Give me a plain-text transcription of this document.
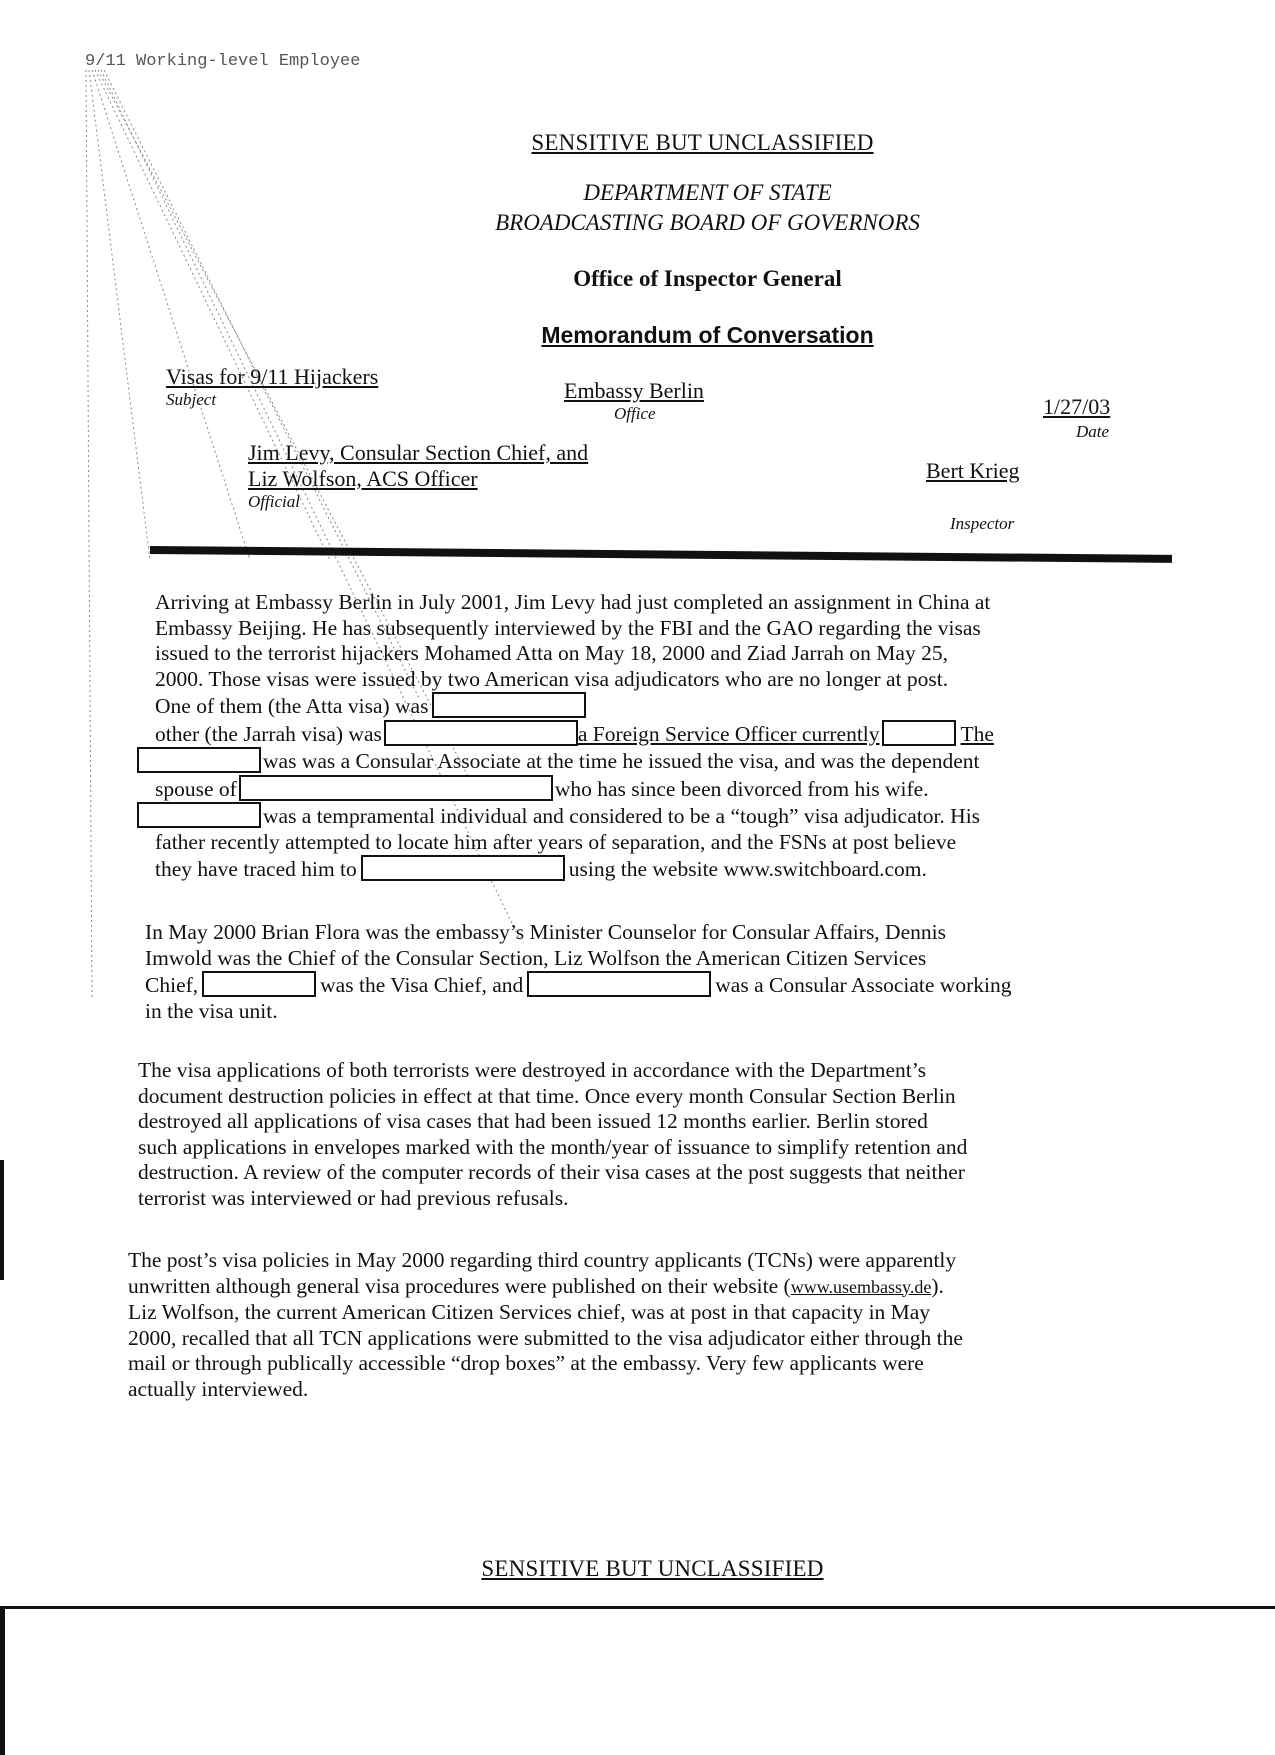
9/11 Working-level Employee
SENSITIVE BUT UNCLASSIFIED
DEPARTMENT OF STATE
BROADCASTING BOARD OF GOVERNORS
Office of Inspector General
Memorandum of Conversation
Visas for 9/11 Hijackers
Subject	Embassy Berlin
Office	1/27/03
Date
Jim Levy, Consular Section Chief, and
Liz Wolfson, ACS Officer
Official
Bert Krieg
Inspector

Arriving at Embassy Berlin in July 2001, Jim Levy had just completed an assignment in China at

Embassy Beijing. He has subsequently interviewed by the FBI and the GAO regarding the visas

issued to the terrorist hijackers Mohamed Atta on May 18, 2000 and Ziad Jarrah on May 25,

2000. Those visas were issued by two American visa adjudicators who are no longer at post.

One of them (the Atta visa) was

other (the Jarrah visa) was	a Foreign Service Officer currently	The

was was a Consular Associate at the time he issued the visa, and was the dependent

spouse of	who has since been divorced from his wife.

was a tempramental individual and considered to be a “tough” visa adjudicator. His

father recently attempted to locate him after years of separation, and the FSNs at post believe

they have traced him to	using the website www.switchboard.com.

In May 2000 Brian Flora was the embassy’s Minister Counselor for Consular Affairs, Dennis

Imwold was the Chief of the Consular Section, Liz Wolfson the American Citizen Services

Chief,	was the Visa Chief, and	was a Consular Associate working

in the visa unit.

The visa applications of both terrorists were destroyed in accordance with the Department’s

document destruction policies in effect at that time. Once every month Consular Section Berlin

destroyed all applications of visa cases that had been issued 12 months earlier. Berlin stored

such applications in envelopes marked with the month/year of issuance to simplify retention and

destruction. A review of the computer records of their visa cases at the post suggests that neither

terrorist was interviewed or had previous refusals.

The post’s visa policies in May 2000 regarding third country applicants (TCNs) were apparently

unwritten although general visa procedures were published on their website (www.usembassy.de).

Liz Wolfson, the current American Citizen Services chief, was at post in that capacity in May

2000, recalled that all TCN applications were submitted to the visa adjudicator either through the

mail or through publically accessible “drop boxes” at the embassy. Very few applicants were

actually interviewed.

SENSITIVE BUT UNCLASSIFIED
